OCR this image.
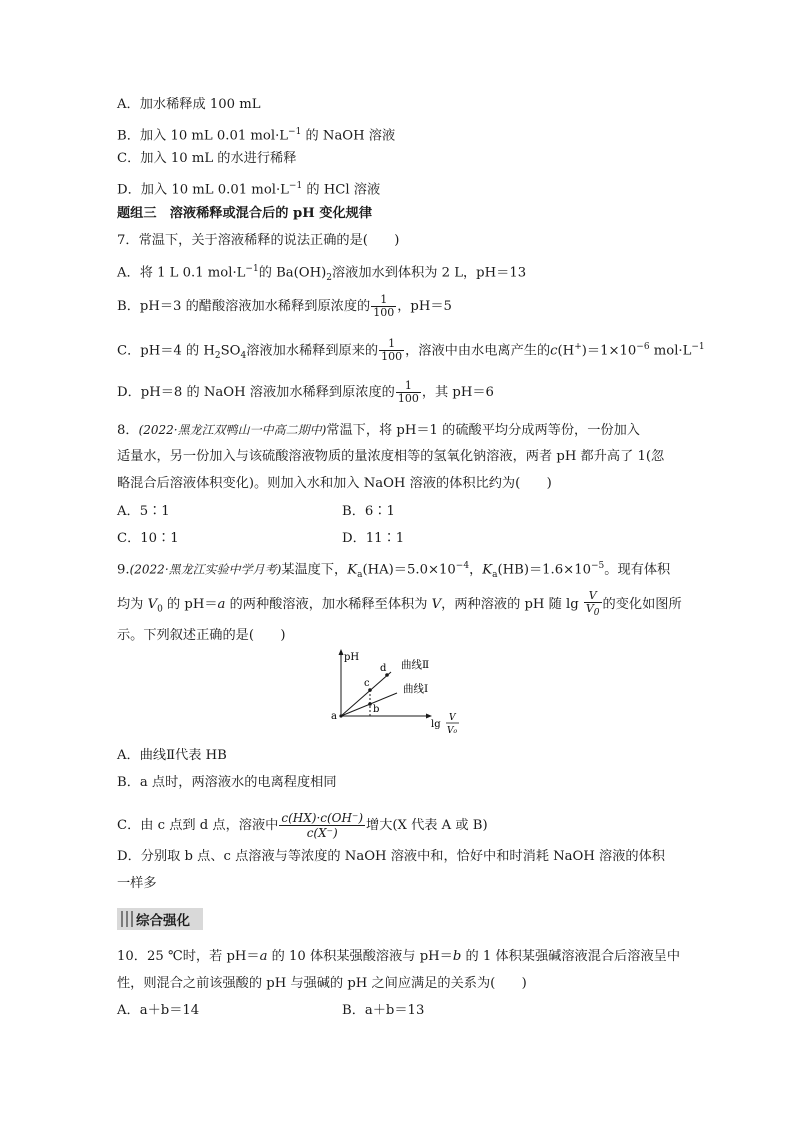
A．加水稀释成 100 mL
B．加入 10 mL 0.01 $mol\cdot L^{-1}$ 的 NaOH 溶液
C．加入 10 mL 的水进行稀释
D．加入 10 mL 0.01 $mol\cdot L^{-1}$ 的 HCl 溶液
题组三　溶液稀释或混合后的 pH 变化规律
7．常温下，关于溶液稀释的说法正确的是(　　)
A．将 1 L 0.1 $mol\cdot L^{-1}$的 $Ba(OH)_2$溶液加水到体积为 2 L，pH＝13
B．pH＝3 的醋酸溶液加水稀释到原浓度的 $\frac{1}{100}$ ，pH＝5
C．pH＝4 的 $H_2SO_4$溶液加水稀释到原来的 $\frac{1}{100}$ ，溶液中由水电离产生的$c(H^+)=1\times 10^{-6}$ $mol\cdot L^{-1}$
D．pH＝8 的 NaOH 溶液加水稀释到原浓度的 $\frac{1}{100}$ ，其 pH＝6
8．(2022·黑龙江双鸭山一中高二期中)常温下，将 pH＝1 的硫酸平均分成两等份，一份加入
适量水，另一份加入与该硫酸溶液物质的量浓度相等的氢氧化钠溶液，两者 pH 都升高了 1(忽
略混合后溶液体积变化)。则加入水和加入 NaOH 溶液的体积比约为(　　)
A．5∶1	B．6∶1
C．10∶1	D．11∶1
9.(2022·黑龙江实验中学月考)某温度下，$K_a(HA)=5.0\times 10^{-4}$，$K_a(HB)=1.6\times 10^{-5}$。现有体积
均为 $V_0$ 的 pH＝a 的两种酸溶液，加水稀释至体积为 V，两种溶液的 pH 随 $\lg \frac{V}{V_0}$ 的变化如图所
示。下列叙述正确的是(　　)
pH
a
b
c
d 曲线Ⅱ
曲线Ⅰ
lg
V
V₀
A．曲线Ⅱ代表 HB
B．a 点时，两溶液水的电离程度相同
C．由 c 点到 d 点，溶液中 $\frac{c(HX)\cdot c(OH^-)}{c(X^-)}$ 增大(X 代表 A 或 B)
D．分别取 b 点、c 点溶液与等浓度的 NaOH 溶液中和，恰好中和时消耗 NaOH 溶液的体积
一样多
综合强化
10．25 ℃时，若 pH＝a 的 10 体积某强酸溶液与 pH＝b 的 1 体积某强碱溶液混合后溶液呈中
性，则混合之前该强酸的 pH 与强碱的 pH 之间应满足的关系为(　　)
A．a＋b＝14	B．a＋b＝13
